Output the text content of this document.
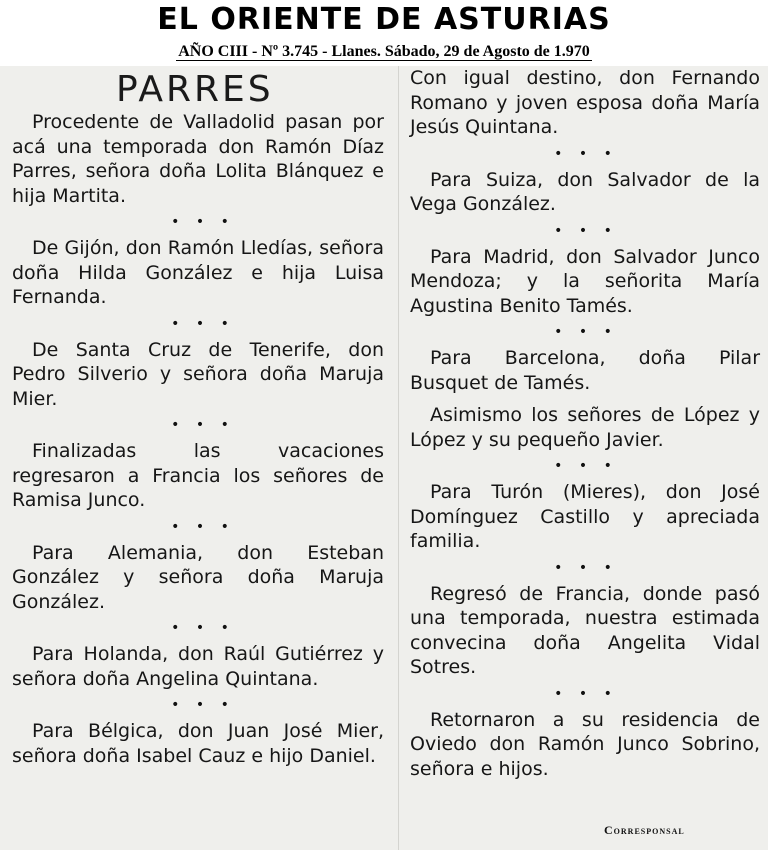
EL ORIENTE DE ASTURIAS
AÑO CIII - Nº 3.745 - Llanes. Sábado, 29 de Agosto de 1.970
PARRES

Procedente de Valladolid pasan por acá una temporada don Ramón Díaz Parres, señora doña Lolita Blánquez e hija Martita.

• • •

De Gijón, don Ramón Lledías, señora doña Hilda González e hija Luisa Fernanda.

• • •

De Santa Cruz de Tenerife, don Pedro Silverio y señora doña Maruja Mier.

• • •

Finalizadas las vacaciones regresaron a Francia los señores de Ramisa Junco.

• • •

Para Alemania, don Esteban González y señora doña Maruja González.

• • •

Para Holanda, don Raúl Gutiérrez y señora doña Angelina Quintana.

• • •

Para Bélgica, don Juan José Mier, señora doña Isabel Cauz e hijo Daniel.

Con igual destino, don Fernando Romano y joven esposa doña María Jesús Quintana.

• • •

Para Suiza, don Salvador de la Vega González.

• • •

Para Madrid, don Salvador Junco Mendoza; y la señorita María Agustina Benito Tamés.

• • •

Para Barcelona, doña Pilar Busquet de Tamés.

Asimismo los señores de López y López y su pequeño Javier.

• • •

Para Turón (Mieres), don José Domínguez Castillo y apreciada familia.

• • •

Regresó de Francia, donde pasó una temporada, nuestra estimada convecina doña Angelita Vidal Sotres.

• • •

Retornaron a su residencia de Oviedo don Ramón Junco Sobrino, señora e hijos.

Corresponsal
